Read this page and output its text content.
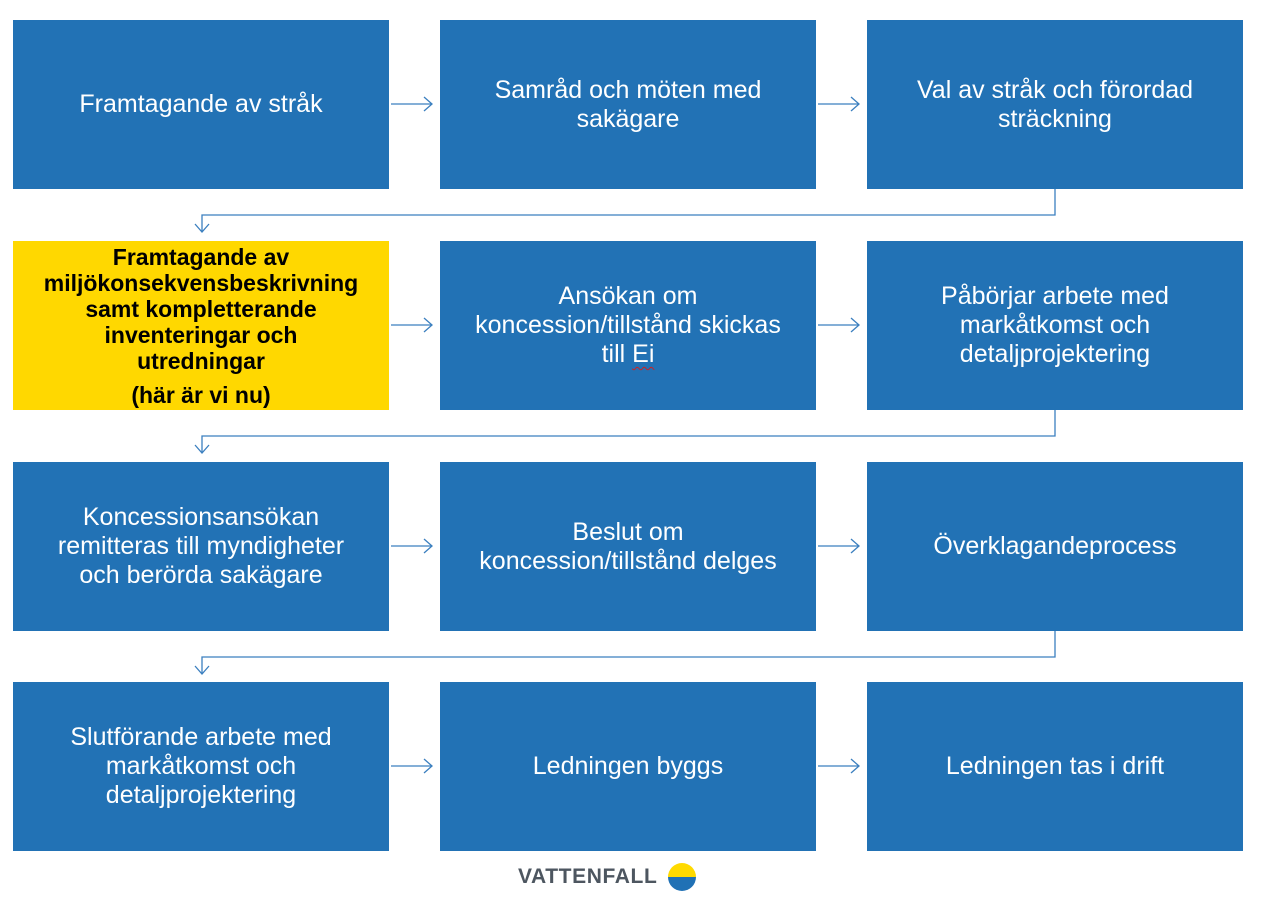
Framtagande av stråk
Samråd och möten med
sakägare
Val av stråk och förordad
sträckning
Framtagande av
miljökonsekvensbeskrivning
samt kompletterande
inventeringar och
utredningar
(här är vi nu)
Ansökan om
koncession/tillstånd skickas
till Ei
Påbörjar arbete med
markåtkomst och
detaljprojektering
Koncessionsansökan
remitteras till myndigheter
och berörda sakägare
Beslut om
koncession/tillstånd delges
Överklagandeprocess
Slutförande arbete med
markåtkomst och
detaljprojektering
Ledningen byggs	Ledningen tas i drift
VATTENFALL
